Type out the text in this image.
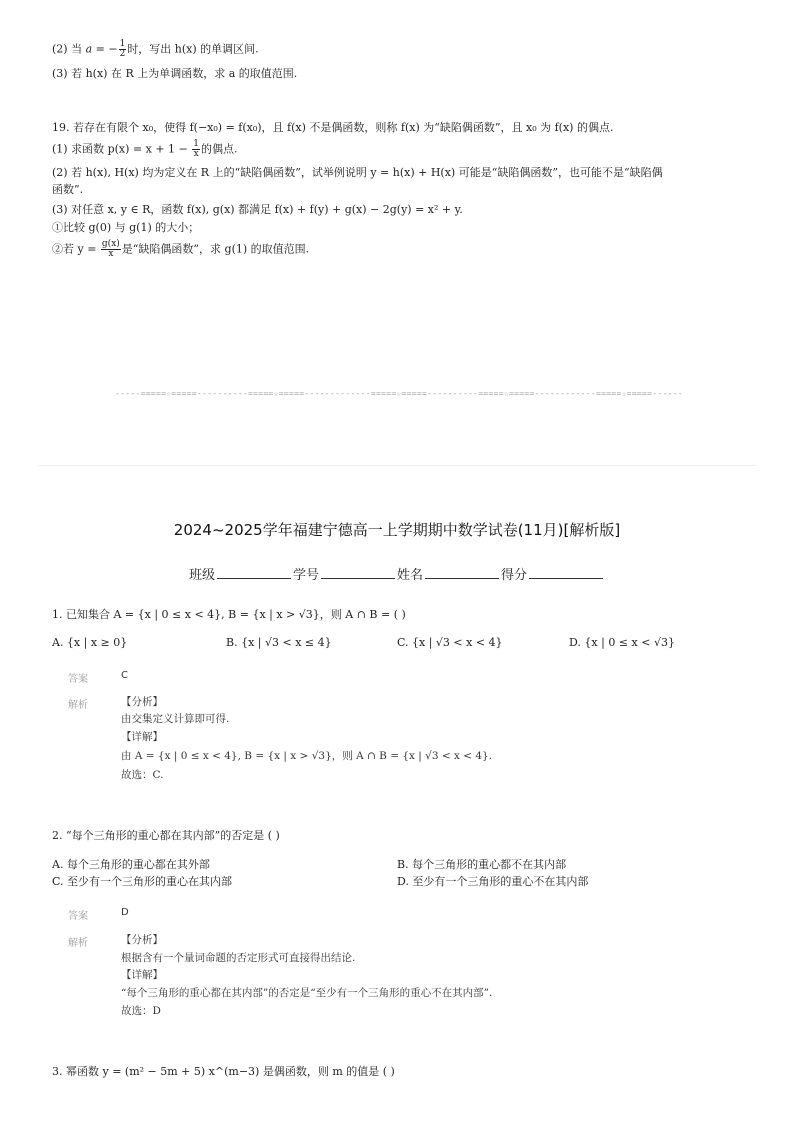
(2) 当 a = − $\frac{1}{2}$ 时，写出 h(x) 的单调区间.
(3) 若 h(x) 在 R 上为单调函数，求 a 的取值范围.
19. 若存在有限个 x₀，使得 f(−x₀) = f(x₀)，且 f(x) 不是偶函数，则称 f(x) 为“缺陷偶函数”，且 x₀ 为 f(x) 的偶点.
(1) 求函数 $p(x) = x + 1 - \frac{1}{x}$ 的偶点.
(2) 若 h(x), H(x) 均为定义在 R 上的“缺陷偶函数”，试举例说明 y = h(x) + H(x) 可能是“缺陷偶函数”，也可能不是“缺陷偶
函数”.
(3) 对任意 x, y ∈ R，函数 f(x), g(x) 都满足 f(x) + f(y) + g(x) − 2g(y) = x² + y.
①比较 g(0) 与 g(1) 的大小；
②若 $y = \frac{g(x)}{x}$ 是“缺陷偶函数”，求 g(1) 的取值范围.
-----=====☆=====----------=====☆=====-------------=====☆=====----------=====☆=====------------=====☆=====------
2024~2025学年福建宁德高一上学期期中数学试卷(11月)[解析版]
班级	学号	姓名	得分
1. 已知集合 A = {x | 0 ≤ x < 4}, B = {x | x > √3}，则 A ∩ B = ( )
A. {x | x ≥ 0}	B. {x | √3 < x ≤ 4}	C. {x | √3 < x < 4}	D. {x | 0 ≤ x < √3}
答案	C
解析	【分析】
由交集定义计算即可得.
【详解】
由 A = {x | 0 ≤ x < 4}, B = {x | x > √3}，则 A ∩ B = {x | √3 < x < 4}.
故选：C.
2. “每个三角形的重心都在其内部”的否定是 ( )
A. 每个三角形的重心都在其外部	B. 每个三角形的重心都不在其内部
C. 至少有一个三角形的重心在其内部	D. 至少有一个三角形的重心不在其内部
答案	D
解析	【分析】
根据含有一个量词命题的否定形式可直接得出结论.
【详解】
“每个三角形的重心都在其内部”的否定是“至少有一个三角形的重心不在其内部”.
故选：D
3. 幂函数 y = (m² − 5m + 5) x^(m−3) 是偶函数，则 m 的值是 ( )
